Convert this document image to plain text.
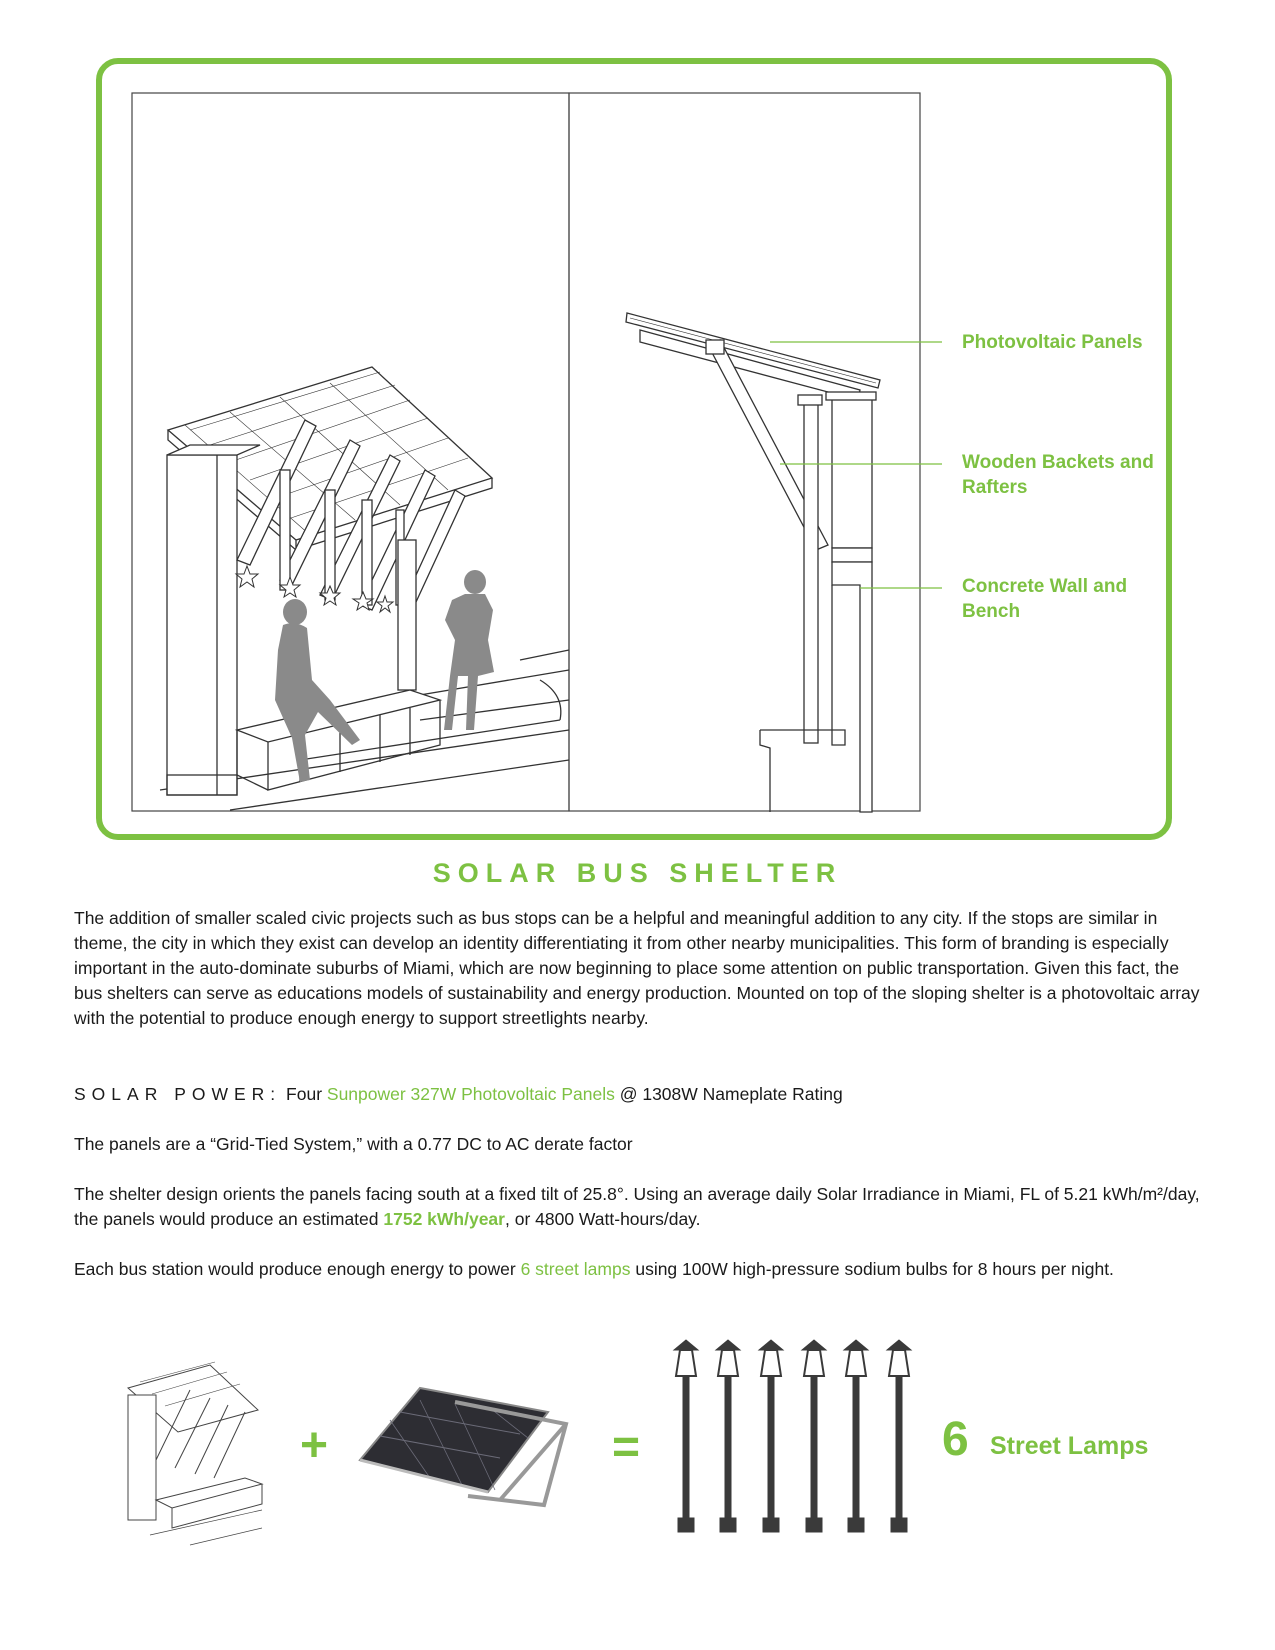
Photovoltaic Panels
Wooden Backets and Rafters
Concrete Wall and Bench
SOLAR BUS SHELTER

The addition of smaller scaled civic projects such as bus stops can be a helpful and meaningful addition to any city. If the stops are similar in theme, the city in which they exist can develop an identity differentiating it from other nearby municipalities. This form of branding is especially important in the auto-dominate suburbs of Miami, which are now beginning to place some attention on public transportation. Given this fact, the bus shelters can serve as educations models of sustainability and energy production. Mounted on top of the sloping shelter is a photovoltaic array with the potential to produce enough energy to support streetlights nearby.

SOLAR POWER: Four Sunpower 327W Photovoltaic Panels @ 1308W Nameplate Rating
The panels are a “Grid-Tied System,” with a 0.77 DC to AC derate factor
The shelter design orients the panels facing south at a fixed tilt of 25.8°. Using an average daily Solar Irradiance in Miami, FL of 5.21 kWh/m²/day, the panels would produce an estimated 1752 kWh/year, or 4800 Watt-hours/day.
Each bus station would produce enough energy to power 6 street lamps using 100W high-pressure sodium bulbs for 8 hours per night.
+	=	6 Street Lamps
